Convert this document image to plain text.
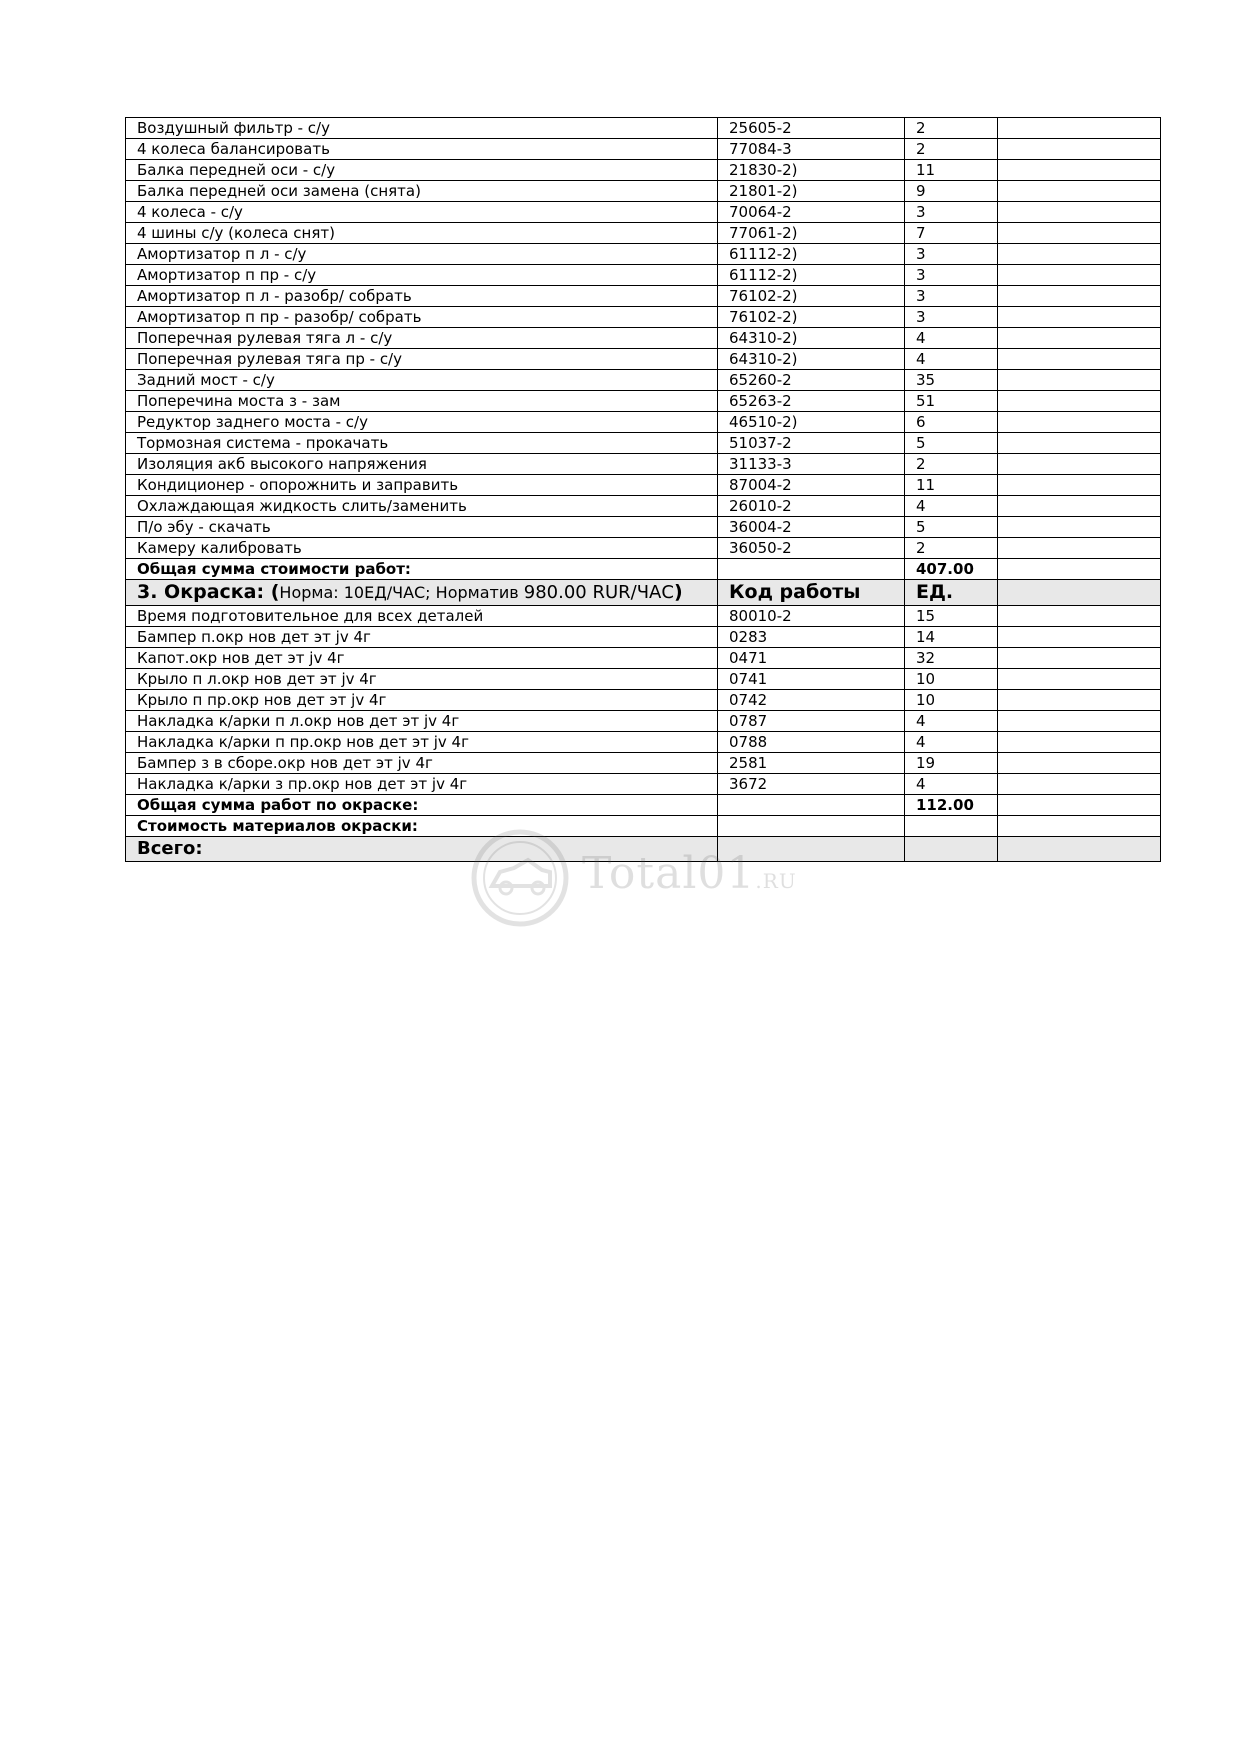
Воздушный фильтр - с/у	25605-2	2	
4 колеса балансировать	77084-3	2	
Балка передней оси - с/у	21830-2)	11	
Балка передней оси замена (снята)	21801-2)	9	
4 колеса - с/у	70064-2	3	
4 шины с/у (колеса снят)	77061-2)	7	
Амортизатор п л - с/у	61112-2)	3	
Амортизатор п пр - с/у	61112-2)	3	
Амортизатор п л - разобр/ собрать	76102-2)	3	
Амортизатор п пр - разобр/ собрать	76102-2)	3	
Поперечная рулевая тяга л - с/у	64310-2)	4	
Поперечная рулевая тяга пр - с/у	64310-2)	4	
Задний мост - с/у	65260-2	35	
Поперечина моста з - зам	65263-2	51	
Редуктор заднего моста - с/у	46510-2)	6	
Тормозная система - прокачать	51037-2	5	
Изоляция акб высокого напряжения	31133-3	2	
Кондиционер - опорожнить и заправить	87004-2	11	
Охлаждающая жидкость слить/заменить	26010-2	4	
П/о эбу - скачать	36004-2	5	
Камеру калибровать	36050-2	2	
Общая сумма стоимости работ:		407.00	
3. Окраска: (Норма: 10ЕД/ЧАС; Норматив 980.00 RUR/ЧАС)	Код работы	ЕД.	
Время подготовительное для всех деталей	80010-2	15	
Бампер п.окр нов дет эт jv 4г	0283	14	
Капот.окр нов дет эт jv 4г	0471	32	
Крыло п л.окр нов дет эт jv 4г	0741	10	
Крыло п пр.окр нов дет эт jv 4г	0742	10	
Накладка к/арки п л.окр нов дет эт jv 4г	0787	4	
Накладка к/арки п пр.окр нов дет эт jv 4г	0788	4	
Бампер з в сборе.окр нов дет эт jv 4г	2581	19	
Накладка к/арки з пр.окр нов дет эт jv 4г	3672	4	
Общая сумма работ по окраске:		112.00	
Стоимость материалов окраски:			
Всего:				Total01.RU
